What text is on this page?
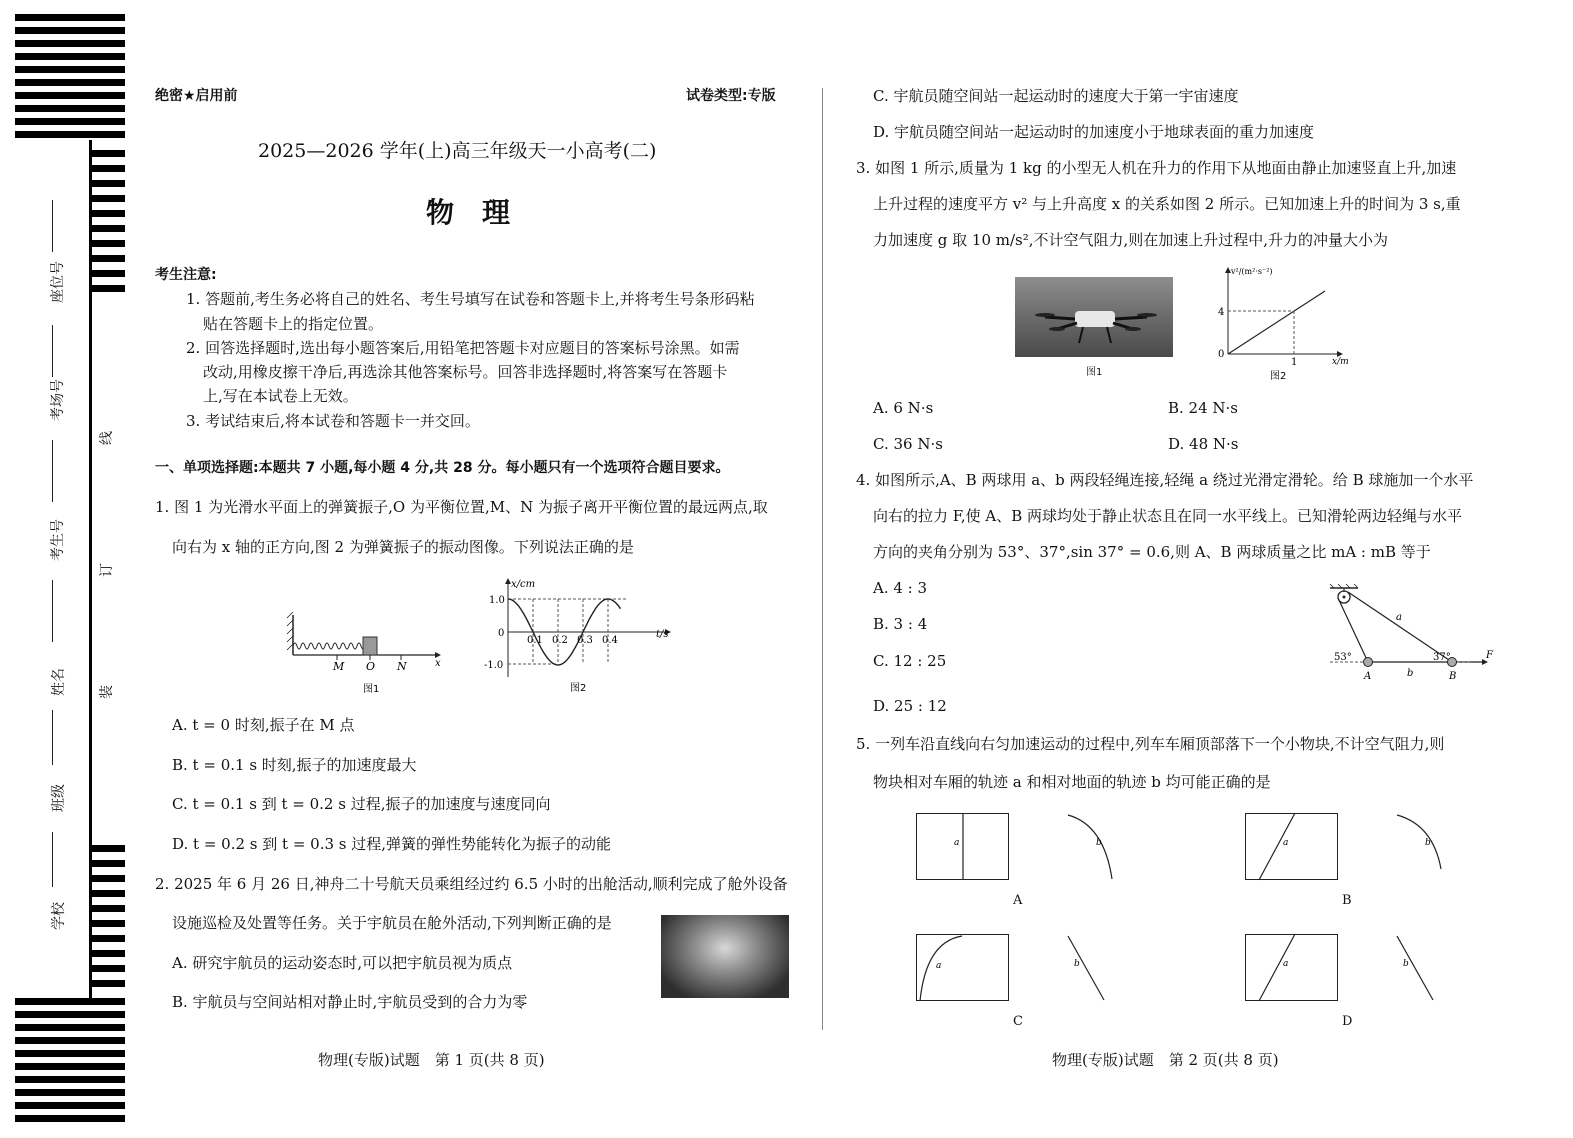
座位号
考场号
考生号
姓名
班级
学校
线
订
装
绝密★启用前	试卷类型:专版
2025—2026 学年(上)高三年级天一小高考(二)
物　理
考生注意:
1. 答题前,考生务必将自己的姓名、考生号填写在试卷和答题卡上,并将考生号条形码粘
贴在答题卡上的指定位置。
2. 回答选择题时,选出每小题答案后,用铅笔把答题卡对应题目的答案标号涂黑。如需
改动,用橡皮擦干净后,再选涂其他答案标号。回答非选择题时,将答案写在答题卡
上,写在本试卷上无效。
3. 考试结束后,将本试卷和答题卡一并交回。
一、单项选择题:本题共 7 小题,每小题 4 分,共 28 分。每小题只有一个选项符合题目要求。
1. 图 1 为光滑水平面上的弹簧振子,O 为平衡位置,M、N 为振子离开平衡位置的最远两点,取
向右为 x 轴的正方向,图 2 为弹簧振子的振动图像。下列说法正确的是
M O N	x
图1
x/cm
t/s
1.0
0
-1.0
0.1 0.2 0.3 0.4
图2
A. t = 0 时刻,振子在 M 点
B. t = 0.1 s 时刻,振子的加速度最大
C. t = 0.1 s 到 t = 0.2 s 过程,振子的加速度与速度同向
D. t = 0.2 s 到 t = 0.3 s 过程,弹簧的弹性势能转化为振子的动能
2. 2025 年 6 月 26 日,神舟二十号航天员乘组经过约 6.5 小时的出舱活动,顺利完成了舱外设备
设施巡检及处置等任务。关于宇航员在舱外活动,下列判断正确的是
A. 研究宇航员的运动姿态时,可以把宇航员视为质点
B. 宇航员与空间站相对静止时,宇航员受到的合力为零
物理(专版)试题　第 1 页(共 8 页)
C. 宇航员随空间站一起运动时的速度大于第一宇宙速度
D. 宇航员随空间站一起运动时的加速度小于地球表面的重力加速度
3. 如图 1 所示,质量为 1 kg 的小型无人机在升力的作用下从地面由静止加速竖直上升,加速
上升过程的速度平方 v² 与上升高度 x 的关系如图 2 所示。已知加速上升的时间为 3 s,重
力加速度 g 取 10 m/s²,不计空气阻力,则在加速上升过程中,升力的冲量大小为
图1
v²/(m²·s⁻²)
4
0
1	x/m
图2
A. 6 N·s	B. 24 N·s
C. 36 N·s	D. 48 N·s
4. 如图所示,A、B 两球用 a、b 两段轻绳连接,轻绳 a 绕过光滑定滑轮。给 B 球施加一个水平
向右的拉力 F,使 A、B 两球均处于静止状态且在同一水平线上。已知滑轮两边轻绳与水平
方向的夹角分别为 53°、37°,sin 37° = 0.6,则 A、B 两球质量之比 mA : mB 等于
A. 4 : 3
B. 3 : 4
C. 12 : 25
D. 25 : 12
53°	37°
a
b
A	B
F
5. 一列车沿直线向右匀加速运动的过程中,列车车厢顶部落下一个小物块,不计空气阻力,则
物块相对车厢的轨迹 a 和相对地面的轨迹 b 均可能正确的是
a	b
A
a	b
B
a	b
C
a	b
D
物理(专版)试题　第 2 页(共 8 页)
